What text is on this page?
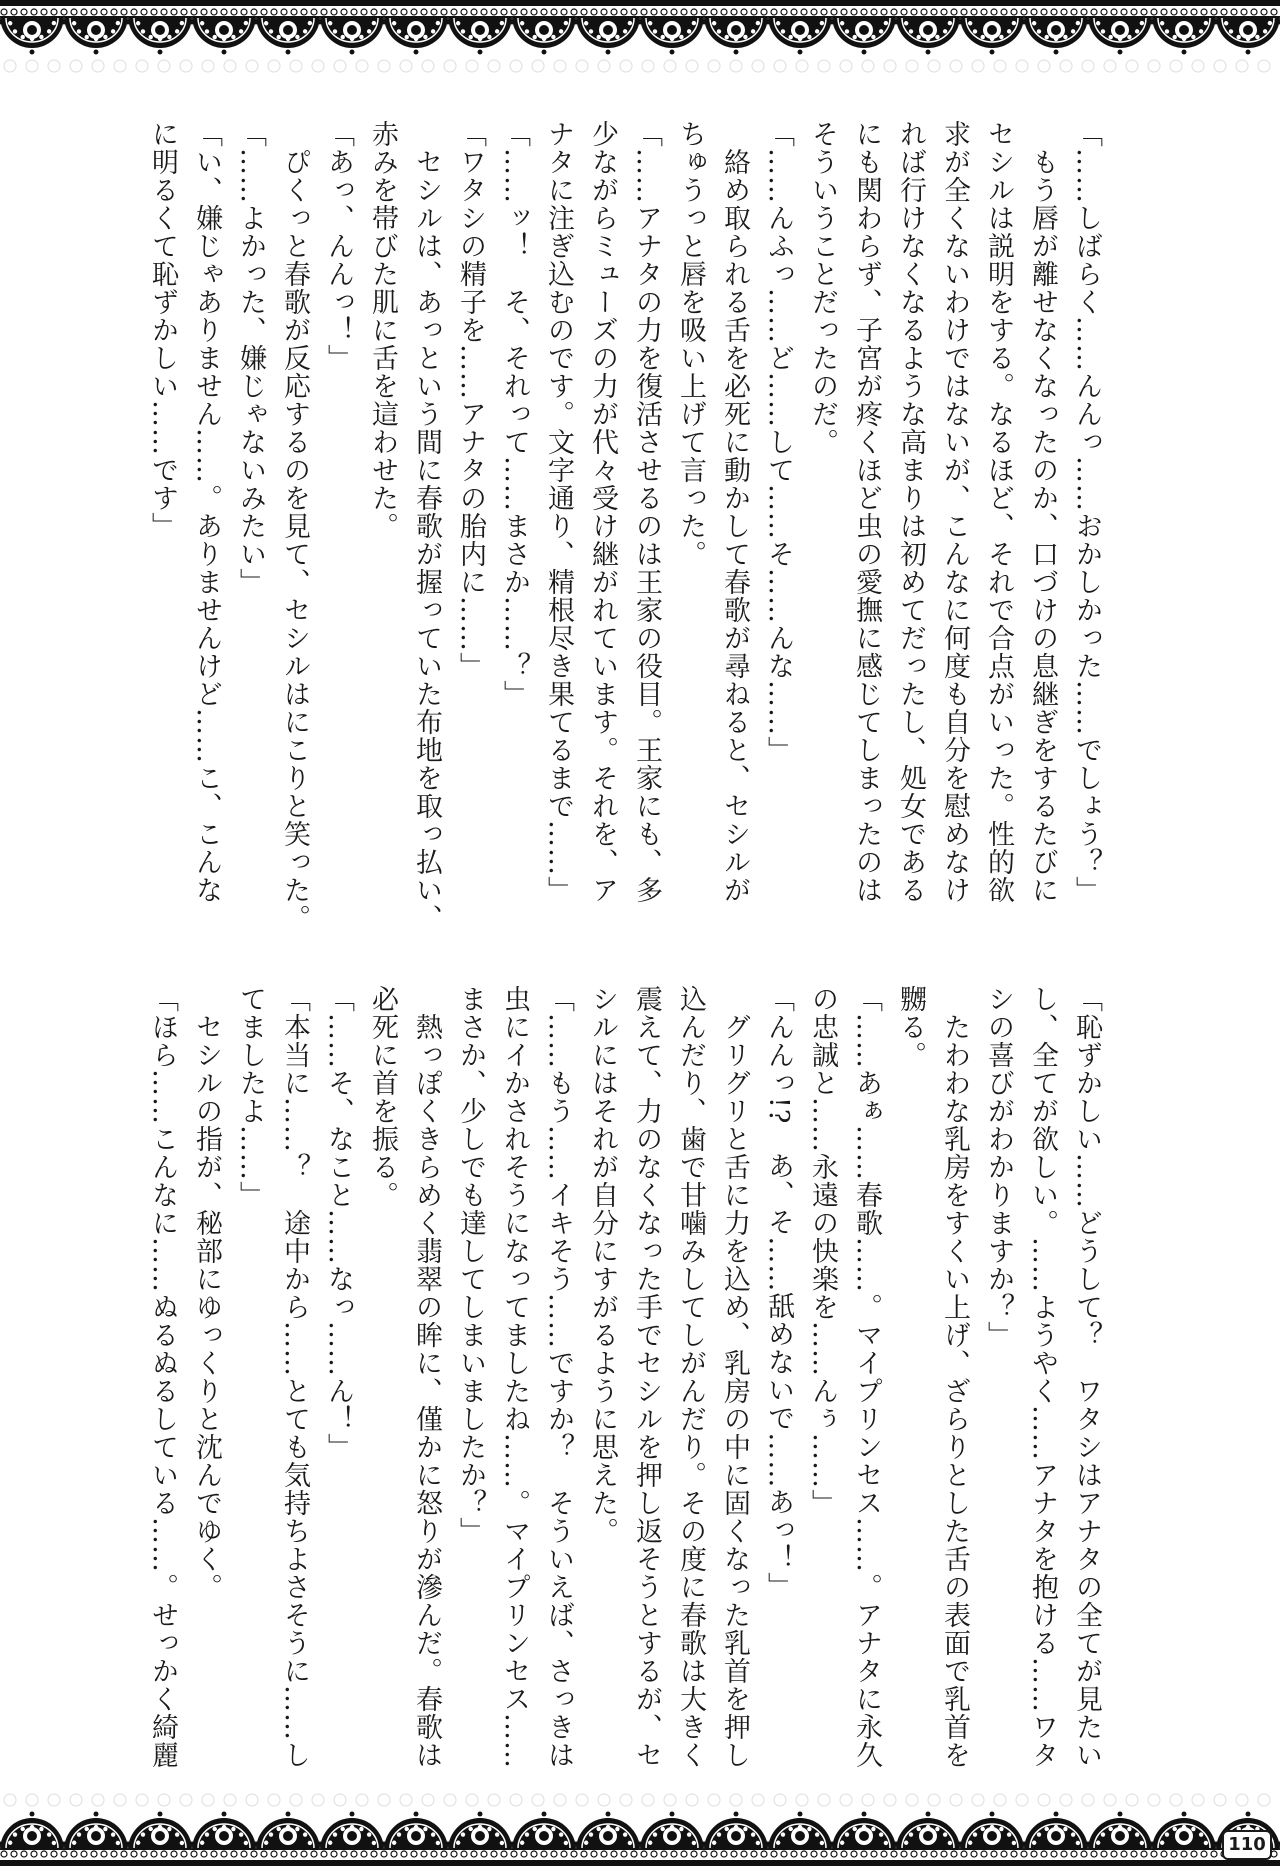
「……しばらく……んんっ……おかしかった……でしょう？」
　もう唇が離せなくなったのか、口づけの息継ぎをするたびに
セシルは説明をする。なるほど、それで合点がいった。性的欲
求が全くないわけではないが、こんなに何度も自分を慰めなけ
れば行けなくなるような高まりは初めてだったし、処女である
にも関わらず、子宮が疼くほど虫の愛撫に感じてしまったのは
そういうことだったのだ。
「……んふっ……ど……して……そ……んな……」
　絡め取られる舌を必死に動かして春歌が尋ねると、セシルが
ちゅうっと唇を吸い上げて言った。
「……アナタの力を復活させるのは王家の役目。王家にも、多
少ながらミューズの力が代々受け継がれています。それを、ア
ナタに注ぎ込むのです。文字通り、精根尽き果てるまで……」
「……ッ！　そ、それって……まさか……？」
「ワタシの精子を……アナタの胎内に……」
　セシルは、あっという間に春歌が握っていた布地を取っ払い、
赤みを帯びた肌に舌を這わせた。
「あっ、んんっ！」
　ぴくっと春歌が反応するのを見て、セシルはにこりと笑った。
「……よかった、嫌じゃないみたい」
「い、嫌じゃありません……。ありませんけど……こ、こんな
に明るくて恥ずかしい……です」
「恥ずかしい……どうして？　ワタシはアナタの全てが見たい
し、全てが欲しい。……ようやく……アナタを抱ける……ワタ
シの喜びがわかりますか？」
　たわわな乳房をすくい上げ、ざらりとした舌の表面で乳首を
嬲る。
「……あぁ……春歌……。マイプリンセス……。アナタに永久
の忠誠と……永遠の快楽を……んぅ……」
「んんっ!?　あ、そ……舐めないで……あっ！」
　グリグリと舌に力を込め、乳房の中に固くなった乳首を押し
込んだり、歯で甘噛みしてしがんだり。その度に春歌は大きく
震えて、力のなくなった手でセシルを押し返そうとするが、セ
シルにはそれが自分にすがるように思えた。
「……もう……イキそう……ですか？　そういえば、さっきは
虫にイかされそうになってましたね……。マイプリンセス……
まさか、少しでも達してしまいましたか？」
　熱っぽくきらめく翡翠の眸に、僅かに怒りが滲んだ。春歌は
必死に首を振る。
「……そ、なこと……なっ……ん！」
「本当に……？　途中から……とても気持ちよさそうに……し
てましたよ……」
　セシルの指が、秘部にゆっくりと沈んでゆく。
「ほら……こんなに……ぬるぬるしている……。せっかく綺麗
110
